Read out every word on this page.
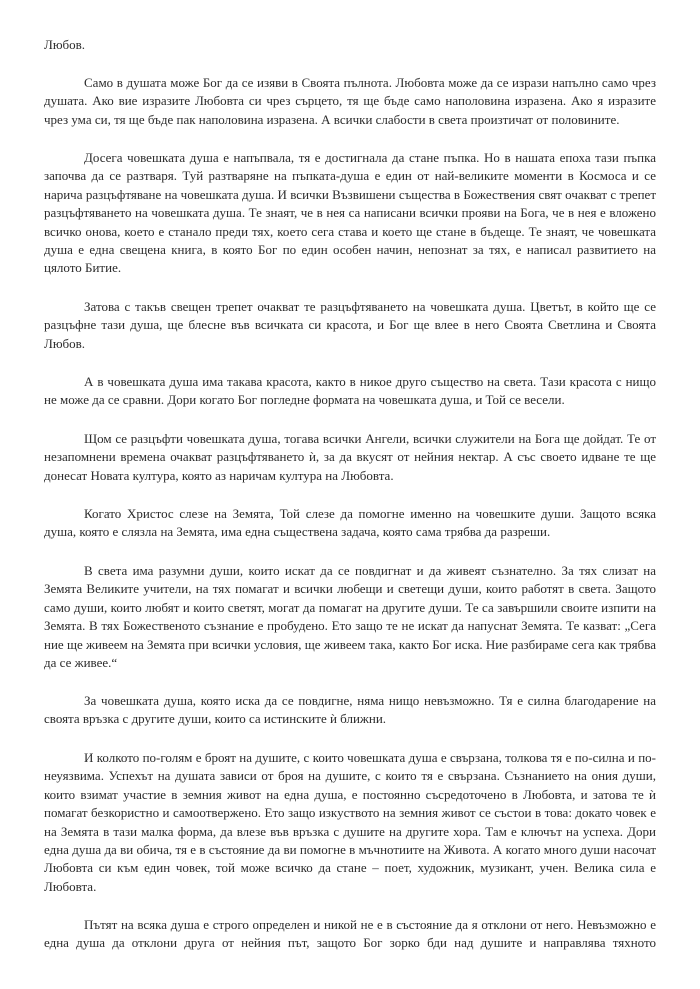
Любов.

Само в душата може Бог да се изяви в Своята пълнота. Любовта може да се изрази напълно само чрез душата. Ако вие изразите Любовта си чрез сърцето, тя ще бъде само наполовина изразена. Ако я изразите чрез ума си, тя ще бъде пак наполовина изразена. А всички слабости в света произтичат от половините.

Досега човешката душа е напъпвала, тя е достигнала да стане пъпка. Но в нашата епоха тази пъпка започва да се разтваря. Туй разтваряне на пъпката-душа е един от най-великите моменти в Космоса и се нарича разцъфтяване на човешката душа. И всички Възвишени същества в Божествения свят очакват с трепет разцъфтяването на човешката душа. Те знаят, че в нея са написани всички прояви на Бога, че в нея е вложено всичко онова, което е станало преди тях, което сега става и което ще стане в бъдеще. Те знаят, че човешката душа е една свещена книга, в която Бог по един особен начин, непознат за тях, е написал развитието на цялото Битие.

Затова с такъв свещен трепет очакват те разцъфтяването на човешката душа. Цветът, в който ще се разцъфне тази душа, ще блесне във всичката си красота, и Бог ще влее в него Своята Светлина и Своята Любов.

А в човешката душа има такава красота, както в никое друго същество на света. Тази красота с нищо не може да се сравни. Дори когато Бог погледне формата на човешката душа, и Той се весели.

Щом се разцъфти човешката душа, тогава всички Ангели, всички служители на Бога ще дойдат. Те от незапомнени времена очакват разцъфтяването ѝ, за да вкусят от нейния нектар. А със своето идване те ще донесат Новата култура, която аз наричам култура на Любовта.

Когато Христос слезе на Земята, Той слезе да помогне именно на човешките души. Защото всяка душа, която е слязла на Земята, има една съществена задача, която сама трябва да разреши.

В света има разумни души, които искат да се повдигнат и да живеят съзнателно. За тях слизат на Земята Великите учители, на тях помагат и всички любещи и светещи души, които работят в света. Защото само души, които любят и които светят, могат да помагат на другите души. Те са завършили своите изпити на Земята. В тях Божественото съзнание е пробудено. Ето защо те не искат да напуснат Земята. Те казват: „Сега ние ще живеем на Земята при всички условия, ще живеем така, както Бог иска. Ние разбираме сега как трябва да се живее.“

За човешката душа, която иска да се повдигне, няма нищо невъзможно. Тя е силна благодарение на своята връзка с другите души, които са истинските ѝ ближни.

И колкото по-голям е броят на душите, с които човешката душа е свързана, толкова тя е по-силна и по-неуязвима. Успехът на душата зависи от броя на душите, с които тя е свързана. Съзнанието на ония души, които взимат участие в земния живот на една душа, е постоянно съсредоточено в Любовта, и затова те ѝ помагат безкористно и самоотвержено. Ето защо изкуството на земния живот се състои в това: докато човек е на Земята в тази малка форма, да влезе във връзка с душите на другите хора. Там е ключът на успеха. Дори една душа да ви обича, тя е в състояние да ви помогне в мъчнотиите на Живота. А когато много души насочат Любовта си към един човек, той може всичко да стане – поет, художник, музикант, учен. Велика сила е Любовта.

Пътят на всяка душа е строго определен и никой не е в състояние да я отклони от него. Невъзможно е една душа да отклони друга от нейния път, защото Бог зорко бди над душите и направлява тяхното
